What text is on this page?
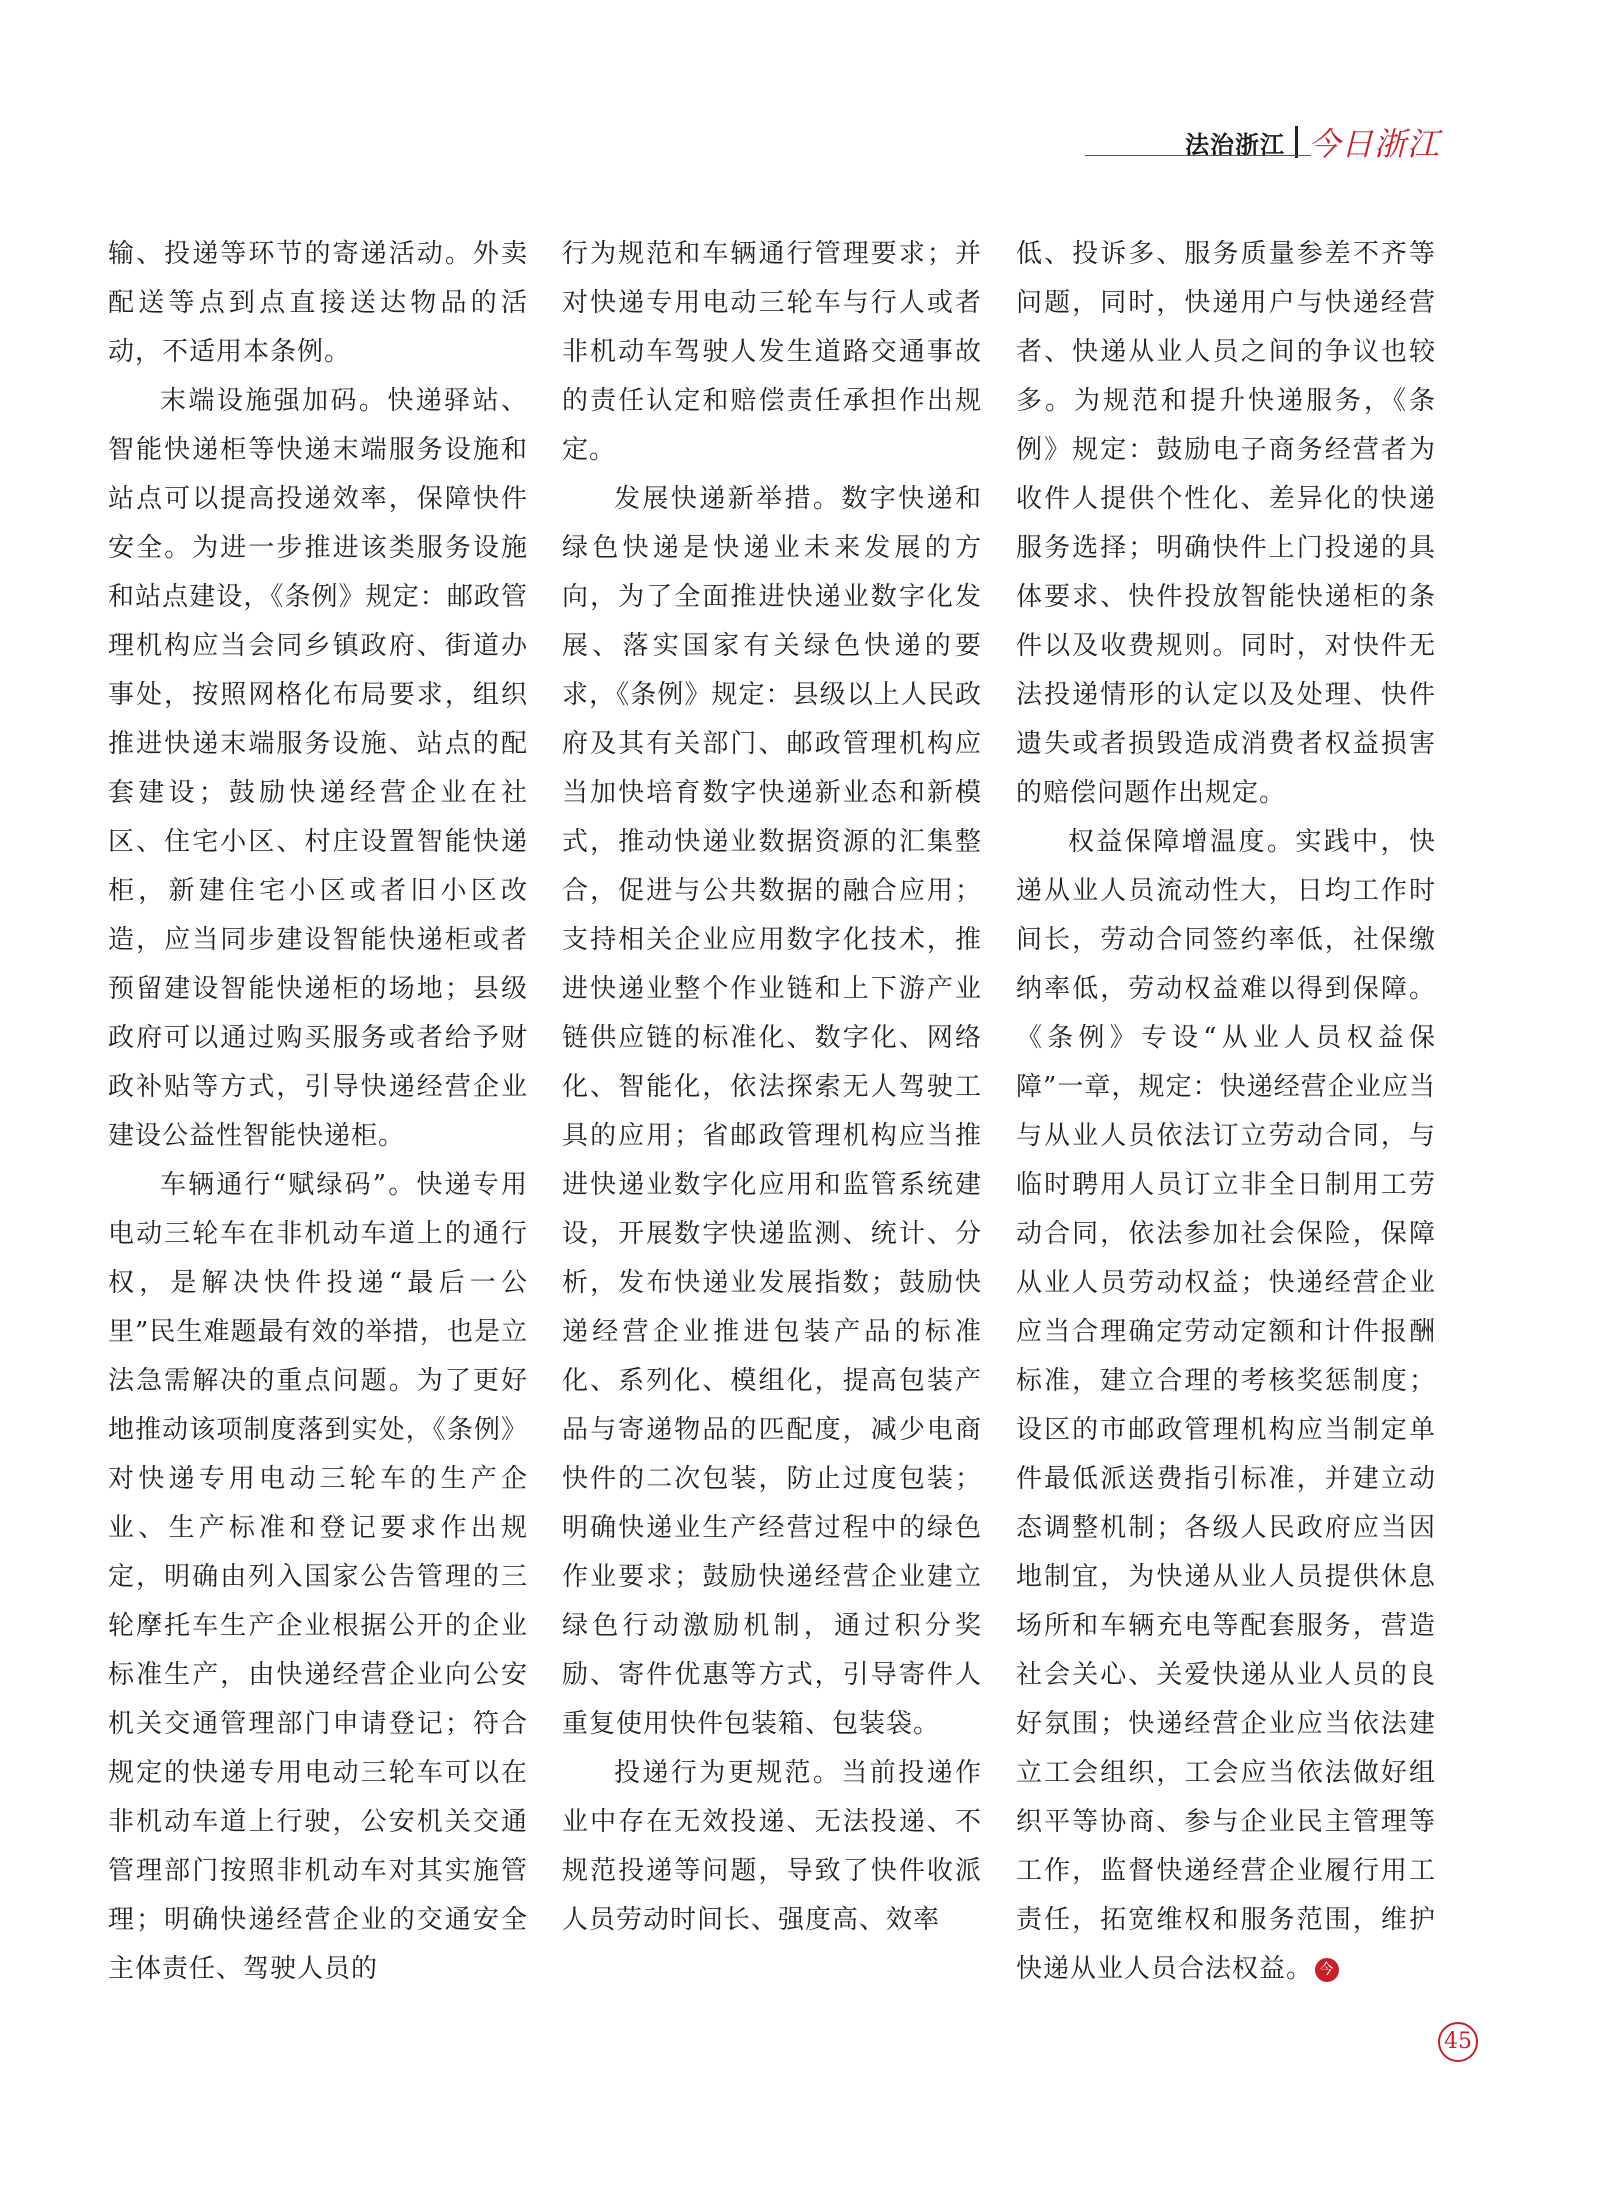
法治浙江 今日浙江

输、投递等环节的寄递活动。外卖配送等点到点直接送达物品的活动，不适用本条例。

末端设施强加码。快递驿站、智能快递柜等快递末端服务设施和站点可以提高投递效率，保障快件安全。为进一步推进该类服务设施和站点建设，《条例》规定：邮政管理机构应当会同乡镇政府、街道办事处，按照网格化布局要求，组织推进快递末端服务设施、站点的配套建设；鼓励快递经营企业在社区、住宅小区、村庄设置智能快递柜，新建住宅小区或者旧小区改造，应当同步建设智能快递柜或者预留建设智能快递柜的场地；县级政府可以通过购买服务或者给予财政补贴等方式，引导快递经营企业建设公益性智能快递柜。

车辆通行“赋绿码”。快递专用电动三轮车在非机动车道上的通行权，是解决快件投递“最后一公里”民生难题最有效的举措，也是立法急需解决的重点问题。为了更好地推动该项制度落到实处，《条例》对快递专用电动三轮车的生产企业、生产标准和登记要求作出规定，明确由列入国家公告管理的三轮摩托车生产企业根据公开的企业标准生产，由快递经营企业向公安机关交通管理部门申请登记；符合规定的快递专用电动三轮车可以在非机动车道上行驶，公安机关交通管理部门按照非机动车对其实施管理；明确快递经营企业的交通安全主体责任、驾驶人员的

行为规范和车辆通行管理要求；并对快递专用电动三轮车与行人或者非机动车驾驶人发生道路交通事故的责任认定和赔偿责任承担作出规定。

发展快递新举措。数字快递和绿色快递是快递业未来发展的方向，为了全面推进快递业数字化发展、落实国家有关绿色快递的要求，《条例》规定：县级以上人民政府及其有关部门、邮政管理机构应当加快培育数字快递新业态和新模式，推动快递业数据资源的汇集整合，促进与公共数据的融合应用；支持相关企业应用数字化技术，推进快递业整个作业链和上下游产业链供应链的标准化、数字化、网络化、智能化，依法探索无人驾驶工具的应用；省邮政管理机构应当推进快递业数字化应用和监管系统建设，开展数字快递监测、统计、分析，发布快递业发展指数；鼓励快递经营企业推进包装产品的标准化、系列化、模组化，提高包装产品与寄递物品的匹配度，减少电商快件的二次包装，防止过度包装；明确快递业生产经营过程中的绿色作业要求；鼓励快递经营企业建立绿色行动激励机制，通过积分奖励、寄件优惠等方式，引导寄件人重复使用快件包装箱、包装袋。

投递行为更规范。当前投递作业中存在无效投递、无法投递、不规范投递等问题，导致了快件收派人员劳动时间长、强度高、效率

低、投诉多、服务质量参差不齐等问题，同时，快递用户与快递经营者、快递从业人员之间的争议也较多。为规范和提升快递服务，《条例》规定：鼓励电子商务经营者为收件人提供个性化、差异化的快递服务选择；明确快件上门投递的具体要求、快件投放智能快递柜的条件以及收费规则。同时，对快件无法投递情形的认定以及处理、快件遗失或者损毁造成消费者权益损害的赔偿问题作出规定。

权益保障增温度。实践中，快递从业人员流动性大，日均工作时间长，劳动合同签约率低，社保缴纳率低，劳动权益难以得到保障。《条例》专设“从业人员权益保障”一章，规定：快递经营企业应当与从业人员依法订立劳动合同，与临时聘用人员订立非全日制用工劳动合同，依法参加社会保险，保障从业人员劳动权益；快递经营企业应当合理确定劳动定额和计件报酬标准，建立合理的考核奖惩制度；设区的市邮政管理机构应当制定单件最低派送费指引标准，并建立动态调整机制；各级人民政府应当因地制宜，为快递从业人员提供休息场所和车辆充电等配套服务，营造社会关心、关爱快递从业人员的良好氛围；快递经营企业应当依法建立工会组织，工会应当依法做好组织平等协商、参与企业民主管理等工作，监督快递经营企业履行用工责任，拓宽维权和服务范围，维护快递从业人员合法权益。 今

45
